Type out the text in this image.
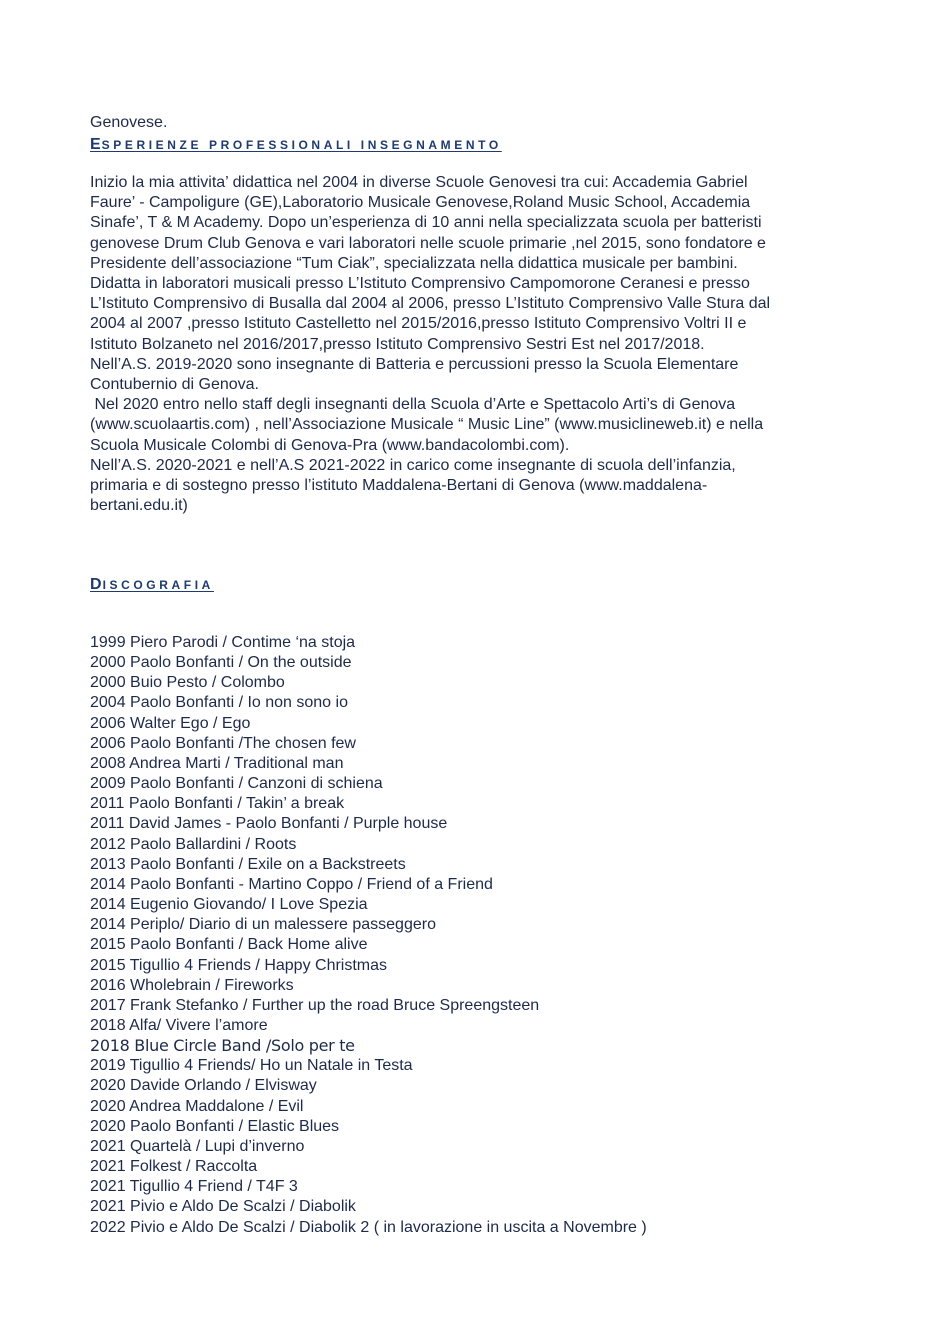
Genovese.
ESPERIENZE PROFESSIONALI INSEGNAMENTO
Inizio la mia attivita’ didattica nel 2004 in diverse Scuole Genovesi tra cui: Accademia Gabriel
Faure’ - Campoligure (GE),Laboratorio Musicale Genovese,Roland Music School, Accademia
Sinafe’, T & M Academy. Dopo un’esperienza di 10 anni nella specializzata scuola per batteristi
genovese Drum Club Genova e vari laboratori nelle scuole primarie ,nel 2015, sono fondatore e
Presidente dell’associazione “Tum Ciak”, specializzata nella didattica musicale per bambini.
Didatta in laboratori musicali presso L’Istituto Comprensivo Campomorone Ceranesi e presso
L’Istituto Comprensivo di Busalla dal 2004 al 2006, presso L’Istituto Comprensivo Valle Stura dal
2004 al 2007 ,presso Istituto Castelletto nel 2015/2016,presso Istituto Comprensivo Voltri II e
Istituto Bolzaneto nel 2016/2017,presso Istituto Comprensivo Sestri Est nel 2017/2018.
Nell’A.S. 2019-2020 sono insegnante di Batteria e percussioni presso la Scuola Elementare
Contubernio di Genova.
Nel 2020 entro nello staff degli insegnanti della Scuola d’Arte e Spettacolo Arti’s di Genova
(www.scuolaartis.com) , nell’Associazione Musicale “ Music Line” (www.musiclineweb.it) e nella
Scuola Musicale Colombi di Genova-Pra (www.bandacolombi.com).
Nell’A.S. 2020-2021 e nell’A.S 2021-2022 in carico come insegnante di scuola dell’infanzia,
primaria e di sostegno presso l’istituto Maddalena-Bertani di Genova (www.maddalena-
bertani.edu.it)
DISCOGRAFIA
1999 Piero Parodi / Contime ‘na stoja
2000 Paolo Bonfanti / On the outside
2000 Buio Pesto / Colombo
2004 Paolo Bonfanti / Io non sono io
2006 Walter Ego / Ego
2006 Paolo Bonfanti /The chosen few
2008 Andrea Marti / Traditional man
2009 Paolo Bonfanti / Canzoni di schiena
2011 Paolo Bonfanti / Takin’ a break
2011 David James - Paolo Bonfanti / Purple house
2012 Paolo Ballardini / Roots
2013 Paolo Bonfanti / Exile on a Backstreets
2014 Paolo Bonfanti - Martino Coppo / Friend of a Friend
2014 Eugenio Giovando/ I Love Spezia
2014 Periplo/ Diario di un malessere passeggero
2015 Paolo Bonfanti / Back Home alive
2015 Tigullio 4 Friends / Happy Christmas
2016 Wholebrain / Fireworks
2017 Frank Stefanko / Further up the road Bruce Spreengsteen
2018 Alfa/ Vivere l’amore
2018 Blue Circle Band /Solo per te
2019 Tigullio 4 Friends/ Ho un Natale in Testa
2020 Davide Orlando / Elvisway
2020 Andrea Maddalone / Evil
2020 Paolo Bonfanti / Elastic Blues
2021 Quartelà / Lupi d’inverno
2021 Folkest / Raccolta
2021 Tigullio 4 Friend / T4F 3
2021 Pivio e Aldo De Scalzi / Diabolik
2022 Pivio e Aldo De Scalzi / Diabolik 2 ( in lavorazione in uscita a Novembre )
